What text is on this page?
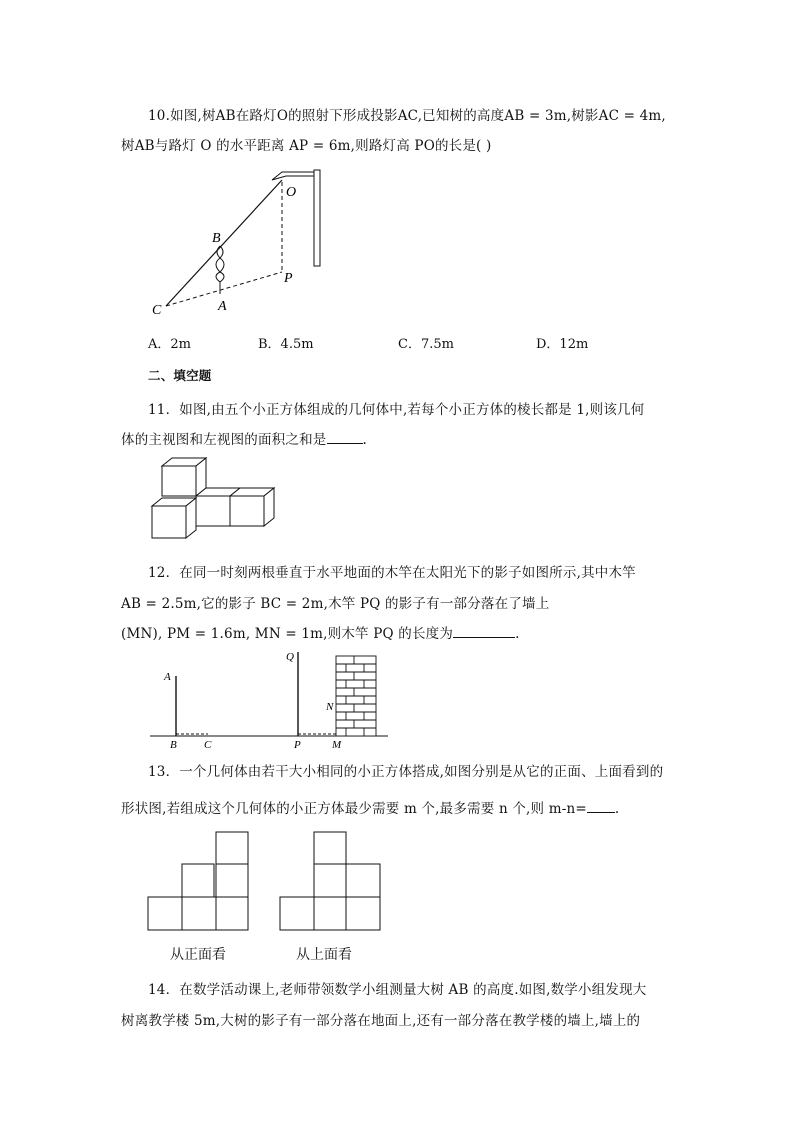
10.如图,树AB在路灯O的照射下形成投影AC,已知树的高度AB = 3m,树影AC = 4m,
树AB与路灯 O 的水平距离 AP = 6m,则路灯高 PO的长是( )
O
B
P
C	A
A．2m	B．4.5m	C．7.5m	D．12m
二、填空题
11．如图,由五个小正方体组成的几何体中,若每个小正方体的棱长都是 1,则该几何
体的主视图和左视图的面积之和是	.
12．在同一时刻两根垂直于水平地面的木竿在太阳光下的影子如图所示,其中木竿
AB = 2.5m,它的影子 BC = 2m,木竿 PQ 的影子有一部分落在了墙上
(MN), PM = 1.6m, MN = 1m,则木竿 PQ 的长度为	.
A
B C
Q
P	M
N
13．一个几何体由若干大小相同的小正方体搭成,如图分别是从它的正面、上面看到的
形状图,若组成这个几何体的小正方体最少需要 m 个,最多需要 n 个,则 m-n= .
从正面看	从上面看
14．在数学活动课上,老师带领数学小组测量大树 AB 的高度.如图,数学小组发现大
树离教学楼 5m,大树的影子有一部分落在地面上,还有一部分落在教学楼的墙上,墙上的
